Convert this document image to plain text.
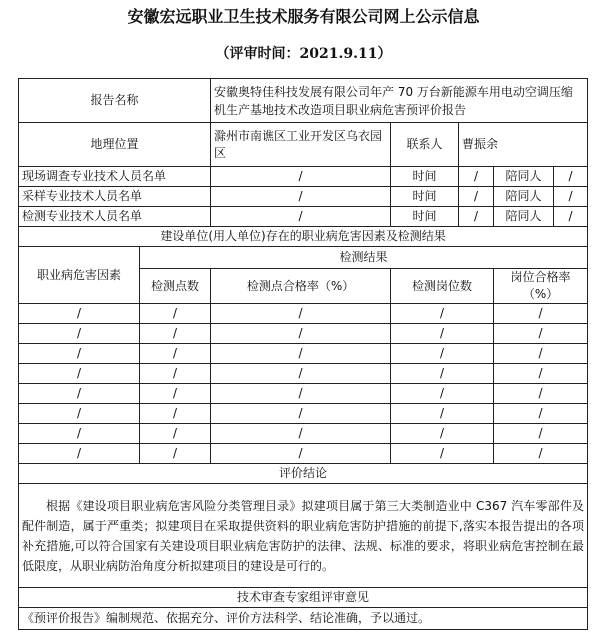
安徽宏远职业卫生技术服务有限公司网上公示信息
（评审时间：2021.9.11）
报告名称		安徽奥特佳科技发展有限公司年产 70 万台新能源车用电动空调压缩机生产基地技术改造项目职业病危害预评价报告				
地理位置		滁州市南谯区工业开发区乌衣园区	联系人	曹振余		
现场调查专业技术人员名单		/	时间	/	陪同人	/
采样专业技术人员名单		/	时间	/	陪同人	/
检测专业技术人员名单		/	时间	/	陪同人	/
建设单位(用人单位)存在的职业病危害因素及检测结果						
职业病危害因素	检测结果					
	检测点数	检测点合格率（%）	检测岗位数		岗位合格率（%）	
/	/	/	/		/	
/	/	/	/		/	
/	/	/	/		/	
/	/	/	/		/	
/	/	/	/		/	
/	/	/	/		/	
/	/	/	/		/	
/	/	/	/		/	
评价结论						
根据《建设项目职业病危害风险分类管理目录》拟建项目属于第三大类制造业中 C367 汽车零部件及配件制造，属于严重类；拟建项目在采取提供资料的职业病危害防护措施的前提下,落实本报告提出的各项补充措施,可以符合国家有关建设项目职业病危害防护的法律、法规、标准的要求，将职业病危害控制在最低限度，从职业病防治角度分析拟建项目的建设是可行的。						
技术审查专家组评审意见						
《预评价报告》编制规范、依据充分、评价方法科学、结论准确，予以通过。						
